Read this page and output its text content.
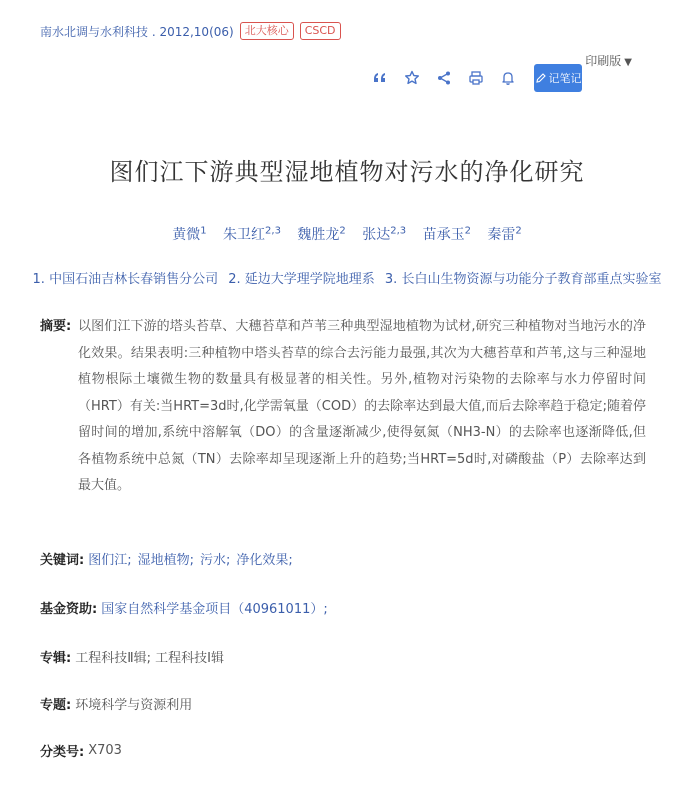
南水北调与水利科技 . 2012,10(06)	北大核心	CSCD
印刷版 ▼
记笔记
图们江下游典型湿地植物对污水的净化研究
黄微$^1$ 朱卫红$^{2,3}$ 魏胜龙$^2$ 张达$^{2,3}$ 苗承玉$^2$ 秦雷$^2$
1. 中国石油吉林长春销售分公司 2. 延边大学理学院地理系 3. 长白山生物资源与功能分子教育部重点实验室
摘要: 以图们江下游的塔头苔草、大穗苔草和芦苇三种典型湿地植物为试材,研究三种植物对当地污水的净化效果。结果表明:三种植物中塔头苔草的综合去污能力最强,其次为大穗苔草和芦苇,这与三种湿地植物根际土壤微生物的数量具有极显著的相关性。另外,植物对污染物的去除率与水力停留时间（HRT）有关:当HRT=3d时,化学需氧量（COD）的去除率达到最大值,而后去除率趋于稳定;随着停留时间的增加,系统中溶解氧（DO）的含量逐渐减少,使得氨氮（NH3-N）的去除率也逐渐降低,但各植物系统中总氮（TN）去除率却呈现逐渐上升的趋势;当HRT=5d时,对磷酸盐（P）去除率达到最大值。
关键词: 图们江; 湿地植物; 污水; 净化效果;
基金资助: 国家自然科学基金项目（40961011）;
专辑: 工程科技Ⅱ辑; 工程科技Ⅰ辑
专题: 环境科学与资源利用
分类号: X703
